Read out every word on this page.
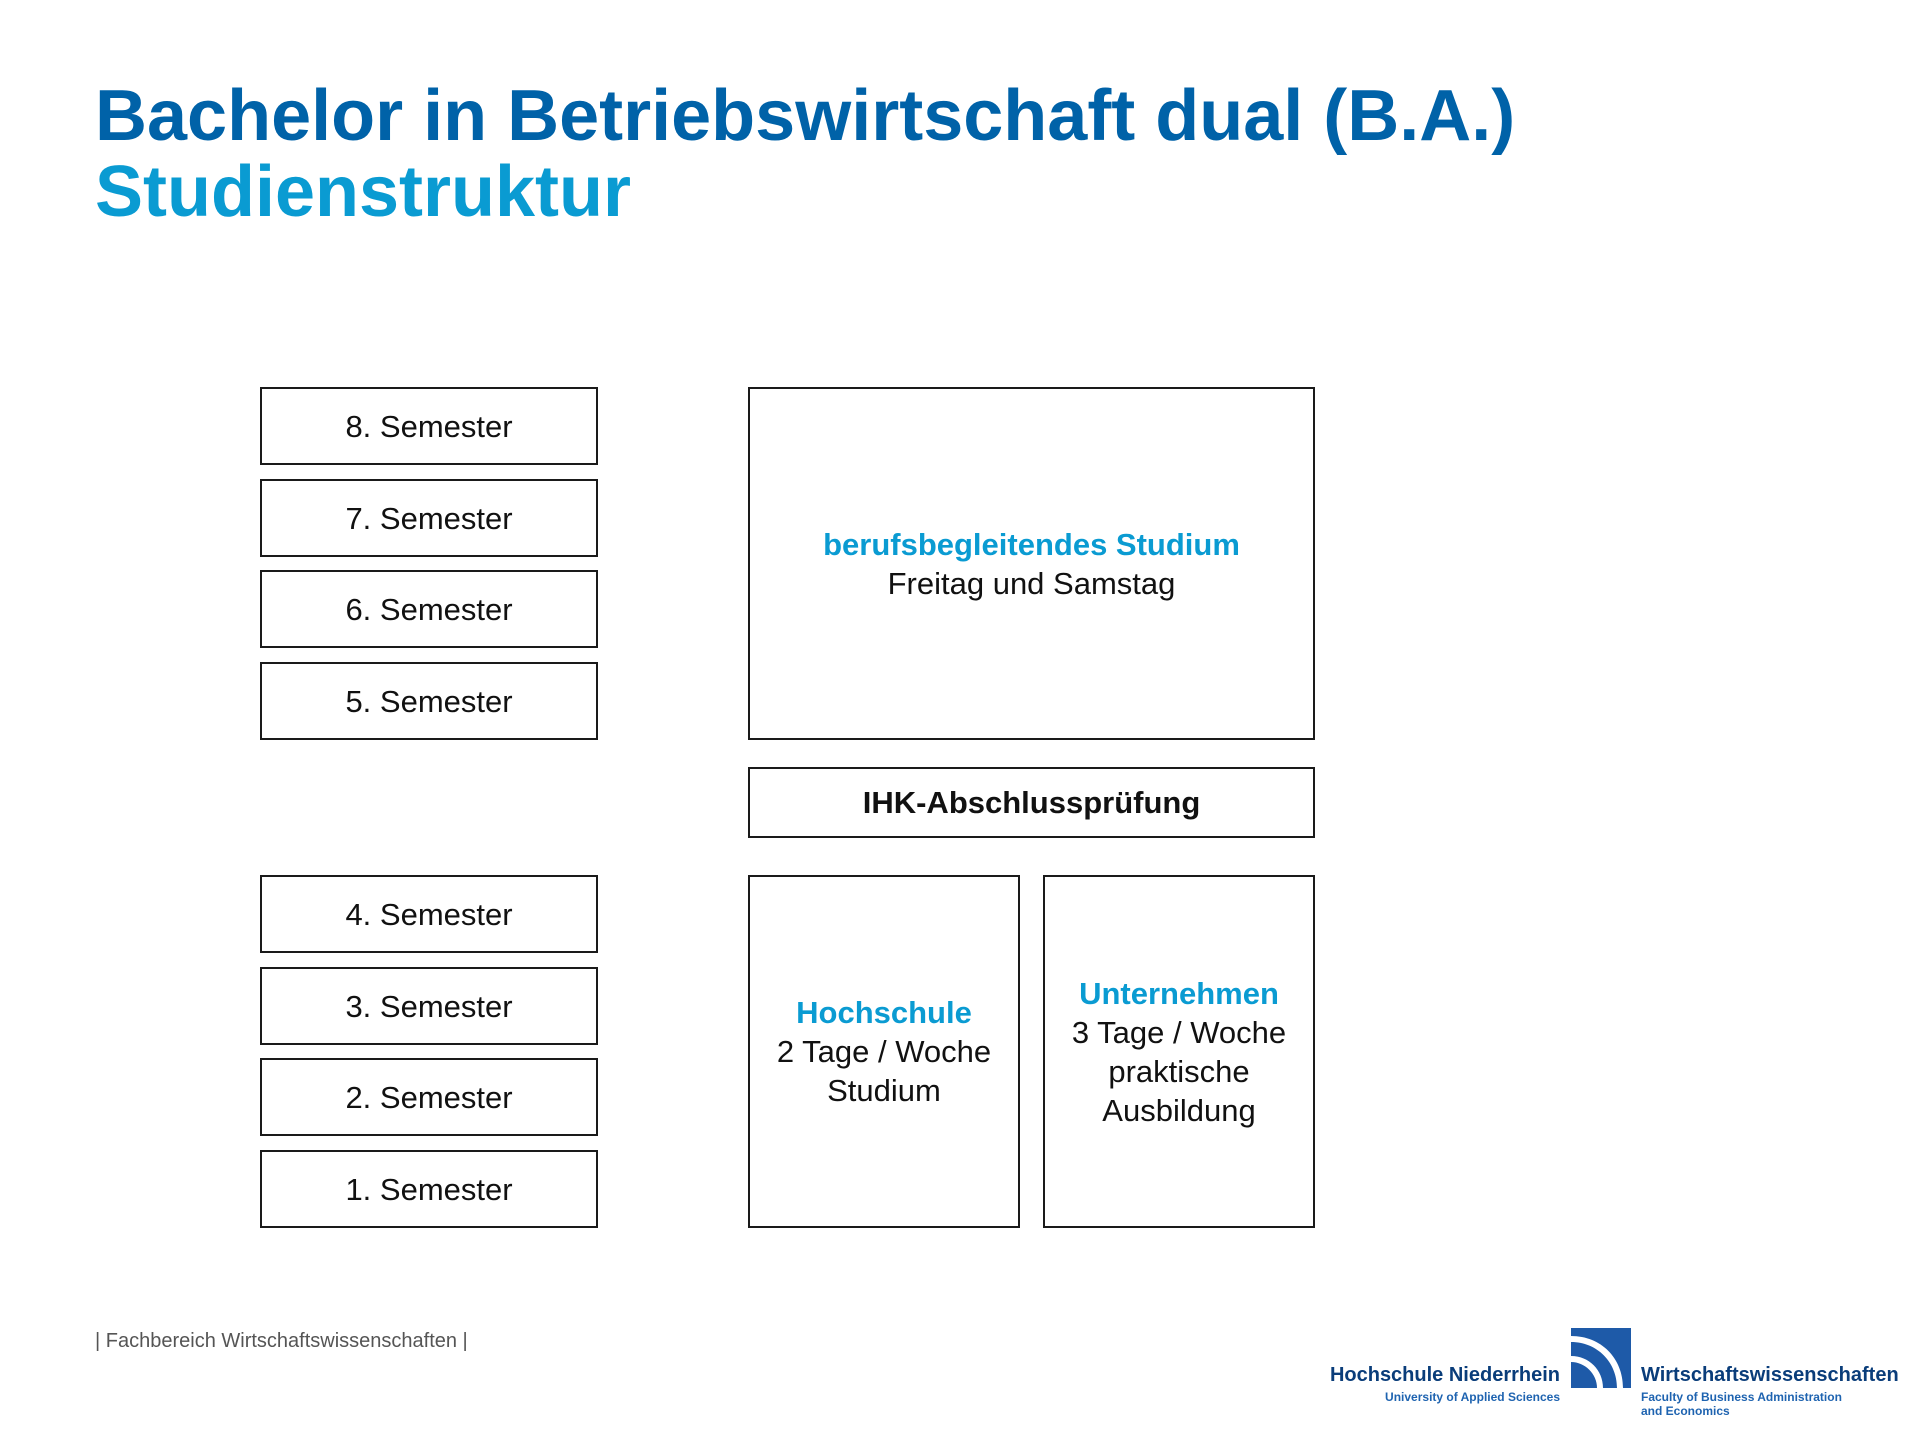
Bachelor in Betriebswirtschaft dual (B.A.)
Studienstruktur
8. Semester
7. Semester
6. Semester
5. Semester
4. Semester
3. Semester
2. Semester
1. Semester
berufsbegleitendes Studium
Freitag und Samstag
IHK-Abschlussprüfung
Hochschule
2 Tage / Woche
Studium
Unternehmen
3 Tage / Woche
praktische
Ausbildung
| Fachbereich Wirtschaftswissenschaften |
Hochschule Niederrhein
University of Applied Sciences
Wirtschaftswissenschaften
Faculty of Business Administration
and Economics
